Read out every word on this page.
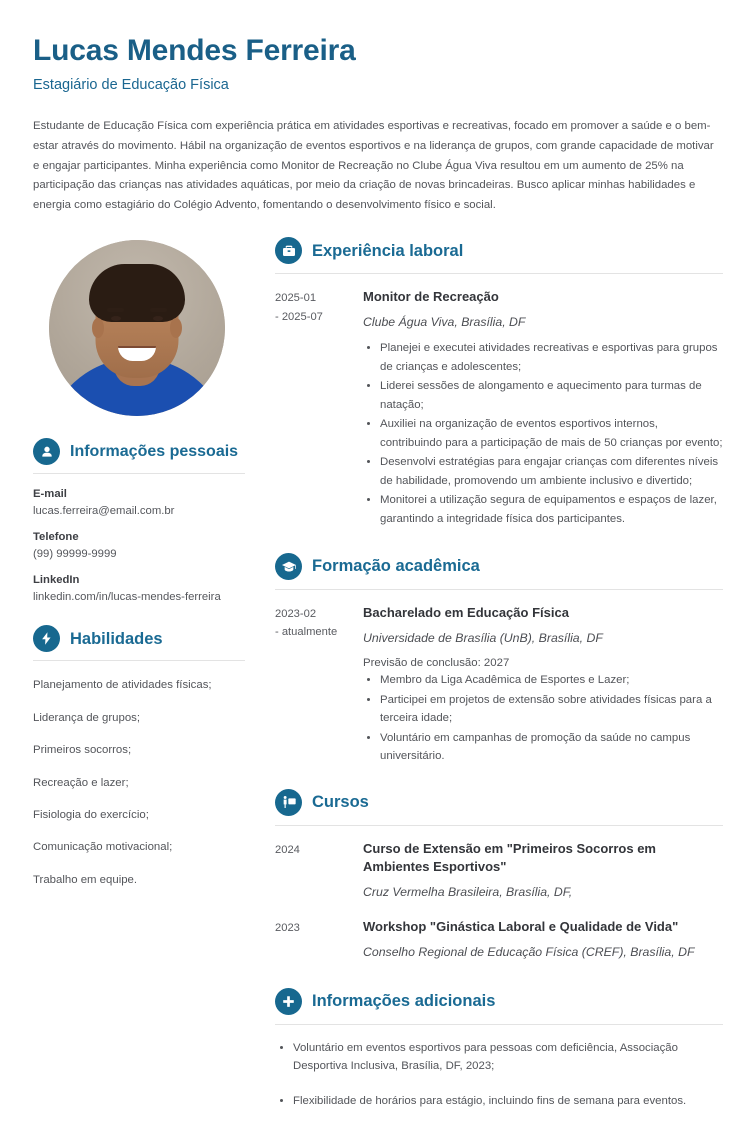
Lucas Mendes Ferreira
Estagiário de Educação Física
Estudante de Educação Física com experiência prática em atividades esportivas e recreativas, focado em promover a saúde e o bem-estar através do movimento. Hábil na organização de eventos esportivos e na liderança de grupos, com grande capacidade de motivar e engajar participantes. Minha experiência como Monitor de Recreação no Clube Água Viva resultou em um aumento de 25% na participação das crianças nas atividades aquáticas, por meio da criação de novas brincadeiras. Busco aplicar minhas habilidades e energia como estagiário do Colégio Advento, fomentando o desenvolvimento físico e social.
Informações pessoais
E-mail
lucas.ferreira@email.com.br
Telefone
(99) 99999-9999
LinkedIn
linkedin.com/in/lucas-mendes-ferreira
Habilidades
Planejamento de atividades físicas;
Liderança de grupos;
Primeiros socorros;
Recreação e lazer;
Fisiologia do exercício;
Comunicação motivacional;
Trabalho em equipe.
Experiência laboral
2025-01
- 2025-07
Monitor de Recreação
Clube Água Viva, Brasília, DF
• Planejei e executei atividades recreativas e esportivas para grupos de crianças e adolescentes;
• Liderei sessões de alongamento e aquecimento para turmas de natação;
• Auxiliei na organização de eventos esportivos internos, contribuindo para a participação de mais de 50 crianças por evento;
• Desenvolvi estratégias para engajar crianças com diferentes níveis de habilidade, promovendo um ambiente inclusivo e divertido;
• Monitorei a utilização segura de equipamentos e espaços de lazer, garantindo a integridade física dos participantes.
Formação acadêmica
2023-02
- atualmente
Bacharelado em Educação Física
Universidade de Brasília (UnB), Brasília, DF
Previsão de conclusão: 2027
• Membro da Liga Acadêmica de Esportes e Lazer;
• Participei em projetos de extensão sobre atividades físicas para a terceira idade;
• Voluntário em campanhas de promoção da saúde no campus universitário.
Cursos
2024	Curso de Extensão em "Primeiros Socorros em Ambientes Esportivos"
Cruz Vermelha Brasileira, Brasília, DF,
2023	Workshop "Ginástica Laboral e Qualidade de Vida"
Conselho Regional de Educação Física (CREF), Brasília, DF
Informações adicionais
• Voluntário em eventos esportivos para pessoas com deficiência, Associação Desportiva Inclusiva, Brasília, DF, 2023;
• Flexibilidade de horários para estágio, incluindo fins de semana para eventos.
